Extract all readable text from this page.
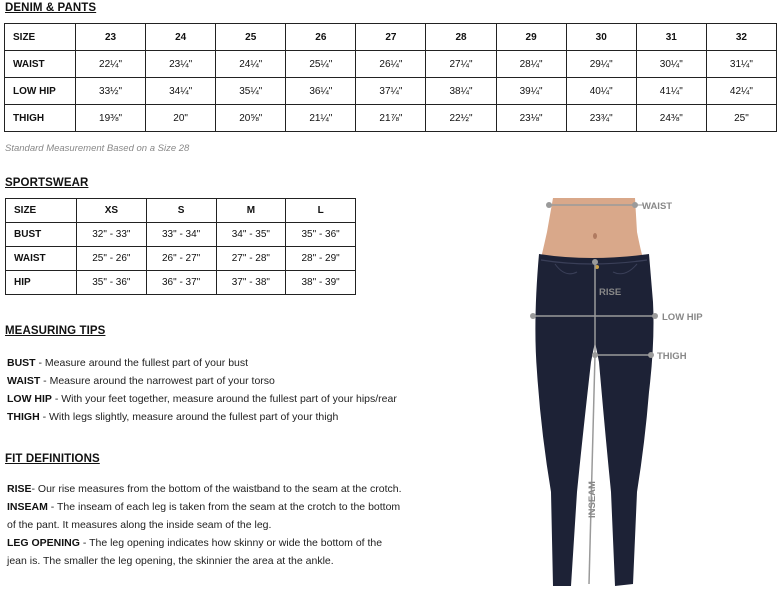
DENIM & PANTS
SIZE	23	24	25	26	27	28	29	30	31	32
WAIST	22¼"	23¼"	24¼"	25¼"	26¼"	27¼"	28¼"	29¼"	30¼"	31¼"
LOW HIP	33½"	34¼"	35¼"	36¼"	37¼"	38¼"	39¼"	40¼"	41¼"	42¼"
THIGH	19⅜"	20"	20⅝"	21¼"	21⅞"	22½"	23⅛"	23¾"	24⅜"	25"
Standard Measurement Based on a Size 28
SPORTSWEAR
SIZE	XS	S	M	L
BUST	32" - 33"	33" - 34"	34" - 35"	35" - 36"
WAIST	25" - 26"	26" - 27"	27" - 28"	28" - 29"
HIP	35" - 36"	36" - 37"	37" - 38"	38" - 39"
MEASURING TIPS
BUST - Measure around the fullest part of your bust
WAIST - Measure around the narrowest part of your torso
LOW HIP - With your feet together, measure around the fullest part of your hips/rear
THIGH - With legs slightly, measure around the fullest part of your thigh
FIT DEFINITIONS
RISE- Our rise measures from the bottom of the waistband to the seam at the crotch.
INSEAM - The inseam of each leg is taken from the seam at the crotch to the bottom
of the pant. It measures along the inside seam of the leg.
LEG OPENING - The leg opening indicates how skinny or wide the bottom of the
jean is. The smaller the leg opening, the skinnier the area at the ankle.
WAIST
RISE
LOW HIP
THIGH
INSEAM
